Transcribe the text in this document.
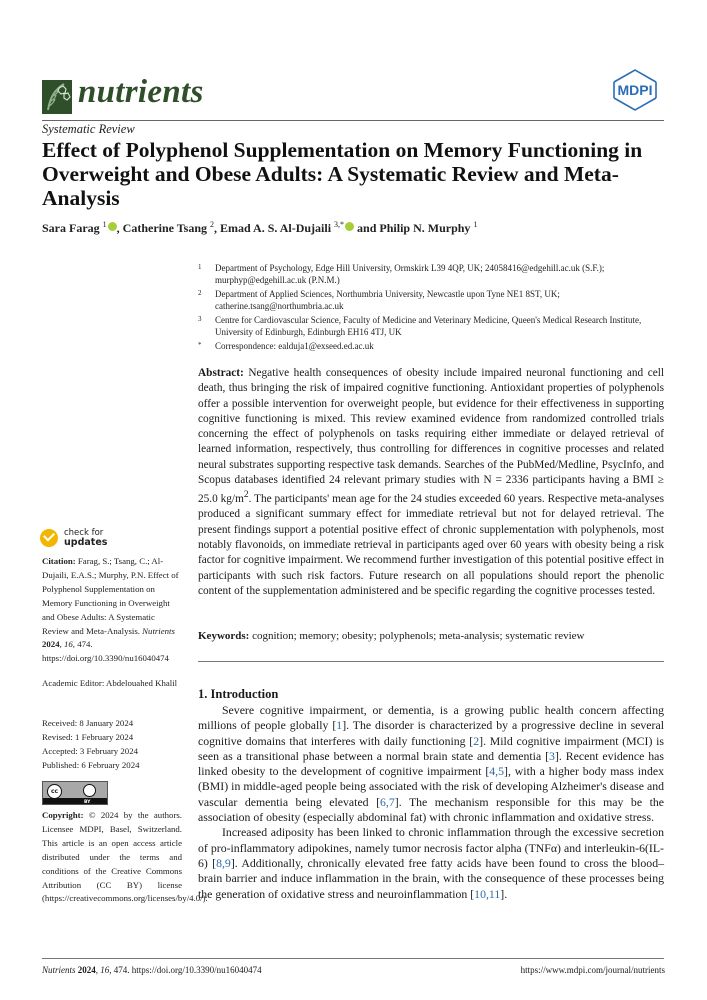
nutrients	MDPI
Systematic Review
Effect of Polyphenol Supplementation on Memory Functioning in Overweight and Obese Adults: A Systematic Review and Meta-Analysis
Sara Farag $^1$ , Catherine Tsang $^2$, Emad A. S. Al-Dujaili $^{3,*}$ and Philip N. Murphy $^1$
1	Department of Psychology, Edge Hill University, Ormskirk L39 4QP, UK; 24058416@edgehill.ac.uk (S.F.); murphyp@edgehill.ac.uk (P.N.M.)
2	Department of Applied Sciences, Northumbria University, Newcastle upon Tyne NE1 8ST, UK; catherine.tsang@northumbria.ac.uk
3	Centre for Cardiovascular Science, Faculty of Medicine and Veterinary Medicine, Queen's Medical Research Institute, University of Edinburgh, Edinburgh EH16 4TJ, UK
*	Correspondence: ealduja1@exseed.ed.ac.uk
Abstract: Negative health consequences of obesity include impaired neuronal functioning and cell death, thus bringing the risk of impaired cognitive functioning. Antioxidant properties of polyphenols offer a possible intervention for overweight people, but evidence for their effectiveness in supporting cognitive functioning is mixed. This review examined evidence from randomized controlled trials concerning the effect of polyphenols on tasks requiring either immediate or delayed retrieval of learned information, respectively, thus controlling for differences in cognitive processes and related neural substrates supporting respective task demands. Searches of the PubMed/Medline, PsycInfo, and Scopus databases identified 24 relevant primary studies with N = 2336 participants having a BMI ≥ 25.0 $kg/m^2$. The participants' mean age for the 24 studies exceeded 60 years. Respective meta-analyses produced a significant summary effect for immediate retrieval but not for delayed retrieval. The present findings support a potential positive effect of chronic supplementation with polyphenols, most notably flavonoids, on immediate retrieval in participants aged over 60 years with obesity being a risk factor for cognitive impairment. We recommend further investigation of this potential positive effect in participants with such risk factors. Future research on all populations should report the phenolic content of the supplementation administered and be specific regarding the cognitive processes tested.
Keywords: cognition; memory; obesity; polyphenols; meta-analysis; systematic review
1. Introduction

Severe cognitive impairment, or dementia, is a growing public health concern affecting millions of people globally [1]. The disorder is characterized by a progressive decline in several cognitive domains that interferes with daily functioning [2]. Mild cognitive impairment (MCI) is seen as a transitional phase between a normal brain state and dementia [3]. Recent evidence has linked obesity to the development of cognitive impairment [4,5], with a higher body mass index (BMI) in middle-aged people being associated with the risk of developing Alzheimer's disease and vascular dementia being elevated [6,7]. The mechanism responsible for this may be the association of obesity (especially abdominal fat) with chronic inflammation and oxidative stress.

Increased adiposity has been linked to chronic inflammation through the excessive secretion of pro-inflammatory adipokines, namely tumor necrosis factor alpha (TNFα) and interleukin-6(IL-6) [8,9]. Additionally, chronically elevated free fatty acids have been found to cross the blood–brain barrier and induce inflammation in the brain, with the consequence of these processes being the generation of oxidative stress and neuroinflammation [10,11].

check for
updates
Citation: Farag, S.; Tsang, C.; Al-Dujaili, E.A.S.; Murphy, P.N. Effect of Polyphenol Supplementation on Memory Functioning in Overweight and Obese Adults: A Systematic Review and Meta-Analysis. Nutrients 2024, 16, 474. https://doi.org/10.3390/nu16040474
Academic Editor: Abdelouahed Khalil
Received: 8 January 2024
Revised: 1 February 2024
Accepted: 3 February 2024
Published: 6 February 2024
cc
BY
Copyright: © 2024 by the authors. Licensee MDPI, Basel, Switzerland. This article is an open access article distributed under the terms and conditions of the Creative Commons Attribution (CC BY) license (https://creativecommons.org/licenses/by/4.0/).
Nutrients 2024, 16, 474. https://doi.org/10.3390/nu16040474	https://www.mdpi.com/journal/nutrients
